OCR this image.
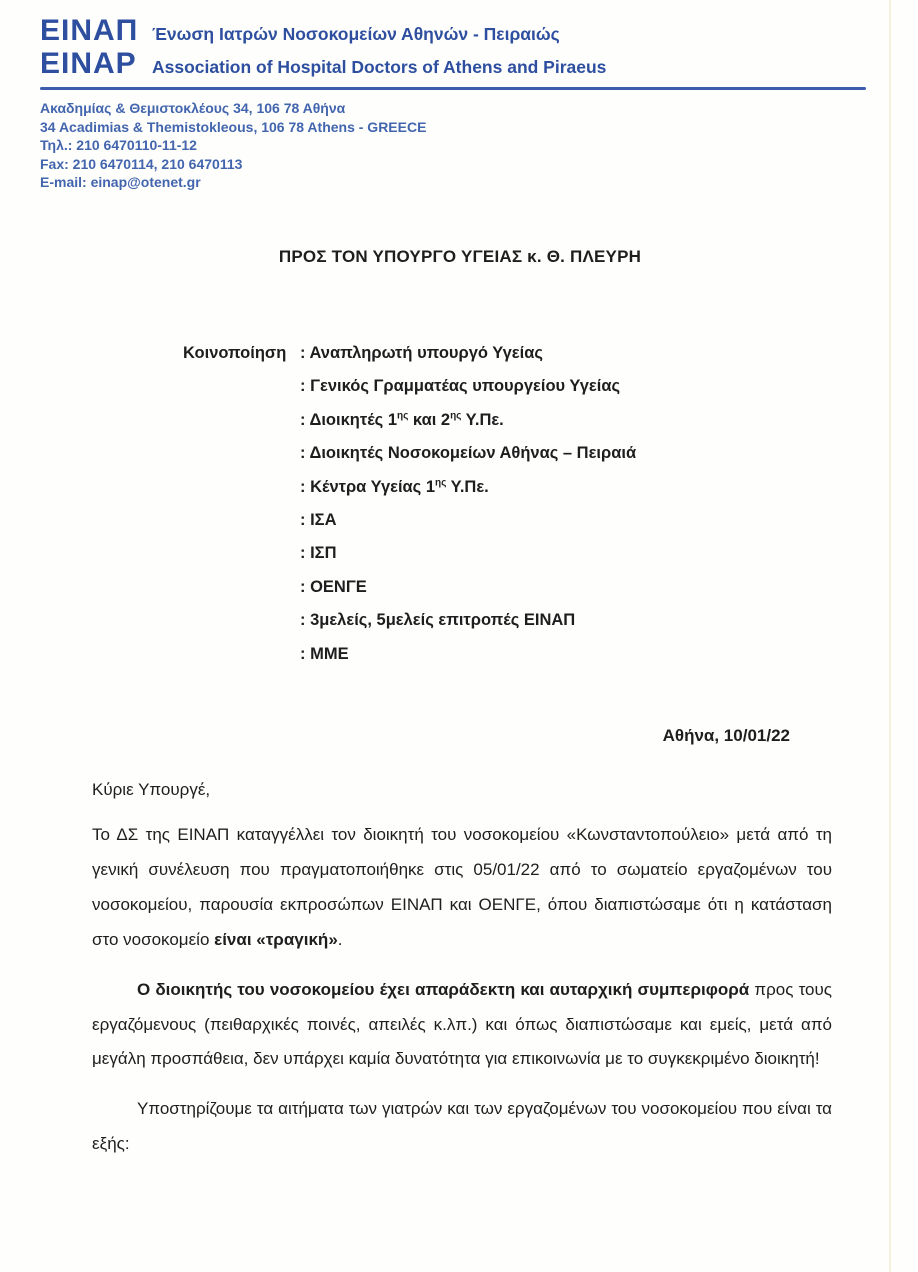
ΕΙΝΑΠ Ένωση Ιατρών Νοσοκομείων Αθηνών - Πειραιώς
EINAP Association of Hospital Doctors of Athens and Piraeus
Ακαδημίας & Θεμιστοκλέους 34, 106 78 Αθήνα
34 Acadimias & Themistokleous, 106 78 Athens - GREECE
Τηλ.: 210 6470110-11-12
Fax: 210 6470114, 210 6470113
E-mail: einap@otenet.gr
ΠΡΟΣ ΤΟΝ ΥΠΟΥΡΓΟ ΥΓΕΙΑΣ κ. Θ. ΠΛΕΥΡΗ
Κοινοποίηση : Αναπληρωτή υπουργό Υγείας
: Γενικός Γραμματέας υπουργείου Υγείας
: Διοικητές $1^{\eta\varsigma}$ και $2^{\eta\varsigma}$ Υ.Πε.
: Διοικητές Νοσοκομείων Αθήνας – Πειραιά
: Κέντρα Υγείας $1^{\eta\varsigma}$ Υ.Πε.
: ΙΣΑ
: ΙΣΠ
: ΟΕΝΓΕ
: 3μελείς, 5μελείς επιτροπές ΕΙΝΑΠ
: ΜΜΕ
Αθήνα, 10/01/22
Κύριε Υπουργέ,

Το ΔΣ της ΕΙΝΑΠ καταγγέλλει τον διοικητή του νοσοκομείου «Κωνσταντοπούλειο» μετά από τη γενική συνέλευση που πραγματοποιήθηκε στις 05/01/22 από το σωματείο εργαζομένων του νοσοκομείου, παρουσία εκπροσώπων ΕΙΝΑΠ και ΟΕΝΓΕ, όπου διαπιστώσαμε ότι η κατάσταση στο νοσοκομείο είναι «τραγική».

Ο διοικητής του νοσοκομείου έχει απαράδεκτη και αυταρχική συμπεριφορά προς τους εργαζόμενους (πειθαρχικές ποινές, απειλές κ.λπ.) και όπως διαπιστώσαμε και εμείς, μετά από μεγάλη προσπάθεια, δεν υπάρχει καμία δυνατότητα για επικοινωνία με το συγκεκριμένο διοικητή!

Υποστηρίζουμε τα αιτήματα των γιατρών και των εργαζομένων του νοσοκομείου που είναι τα εξής:
